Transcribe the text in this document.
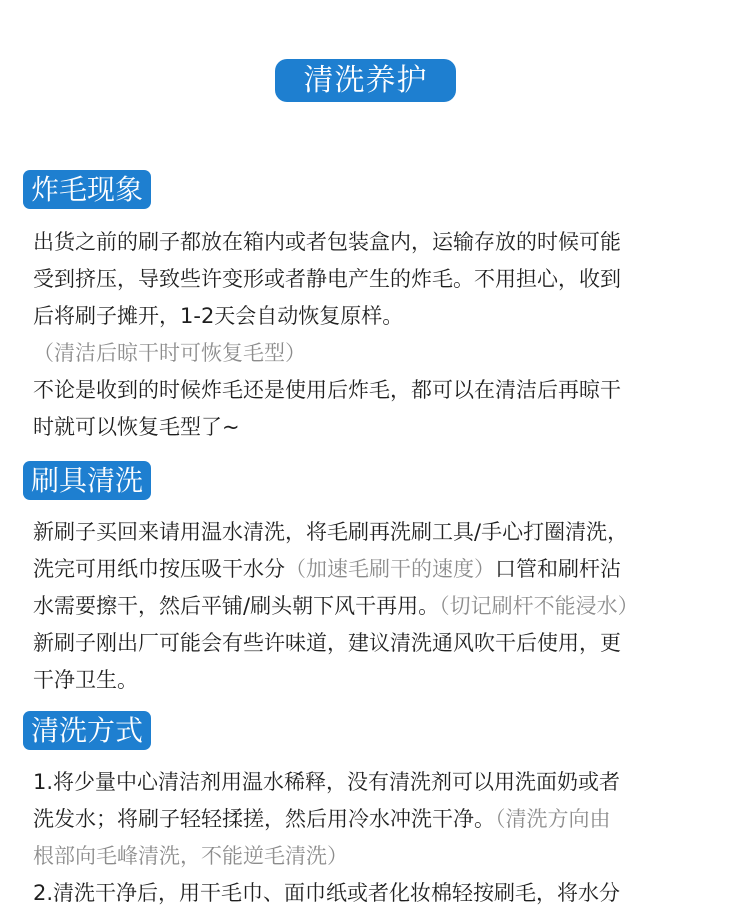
清洗养护
炸毛现象
出货之前的刷子都放在箱内或者包装盒内，运输存放的时候可能
受到挤压，导致些许变形或者静电产生的炸毛。不用担心，收到
后将刷子摊开，1-2天会自动恢复原样。
（清洁后晾干时可恢复毛型）
不论是收到的时候炸毛还是使用后炸毛，都可以在清洁后再晾干
时就可以恢复毛型了~
刷具清洗
新刷子买回来请用温水清洗，将毛刷再洗刷工具/手心打圈清洗，
洗完可用纸巾按压吸干水分（加速毛刷干的速度）口管和刷杆沾
水需要擦干，然后平铺/刷头朝下风干再用。（切记刷杆不能浸水）
新刷子刚出厂可能会有些许味道，建议清洗通风吹干后使用，更
干净卫生。
清洗方式
1.将少量中心清洁剂用温水稀释，没有清洗剂可以用洗面奶或者
洗发水；将刷子轻轻揉搓，然后用冷水冲洗干净。（清洗方向由
根部向毛峰清洗，不能逆毛清洗）
2.清洗干净后，用干毛巾、面巾纸或者化妆棉轻按刷毛，将水分
